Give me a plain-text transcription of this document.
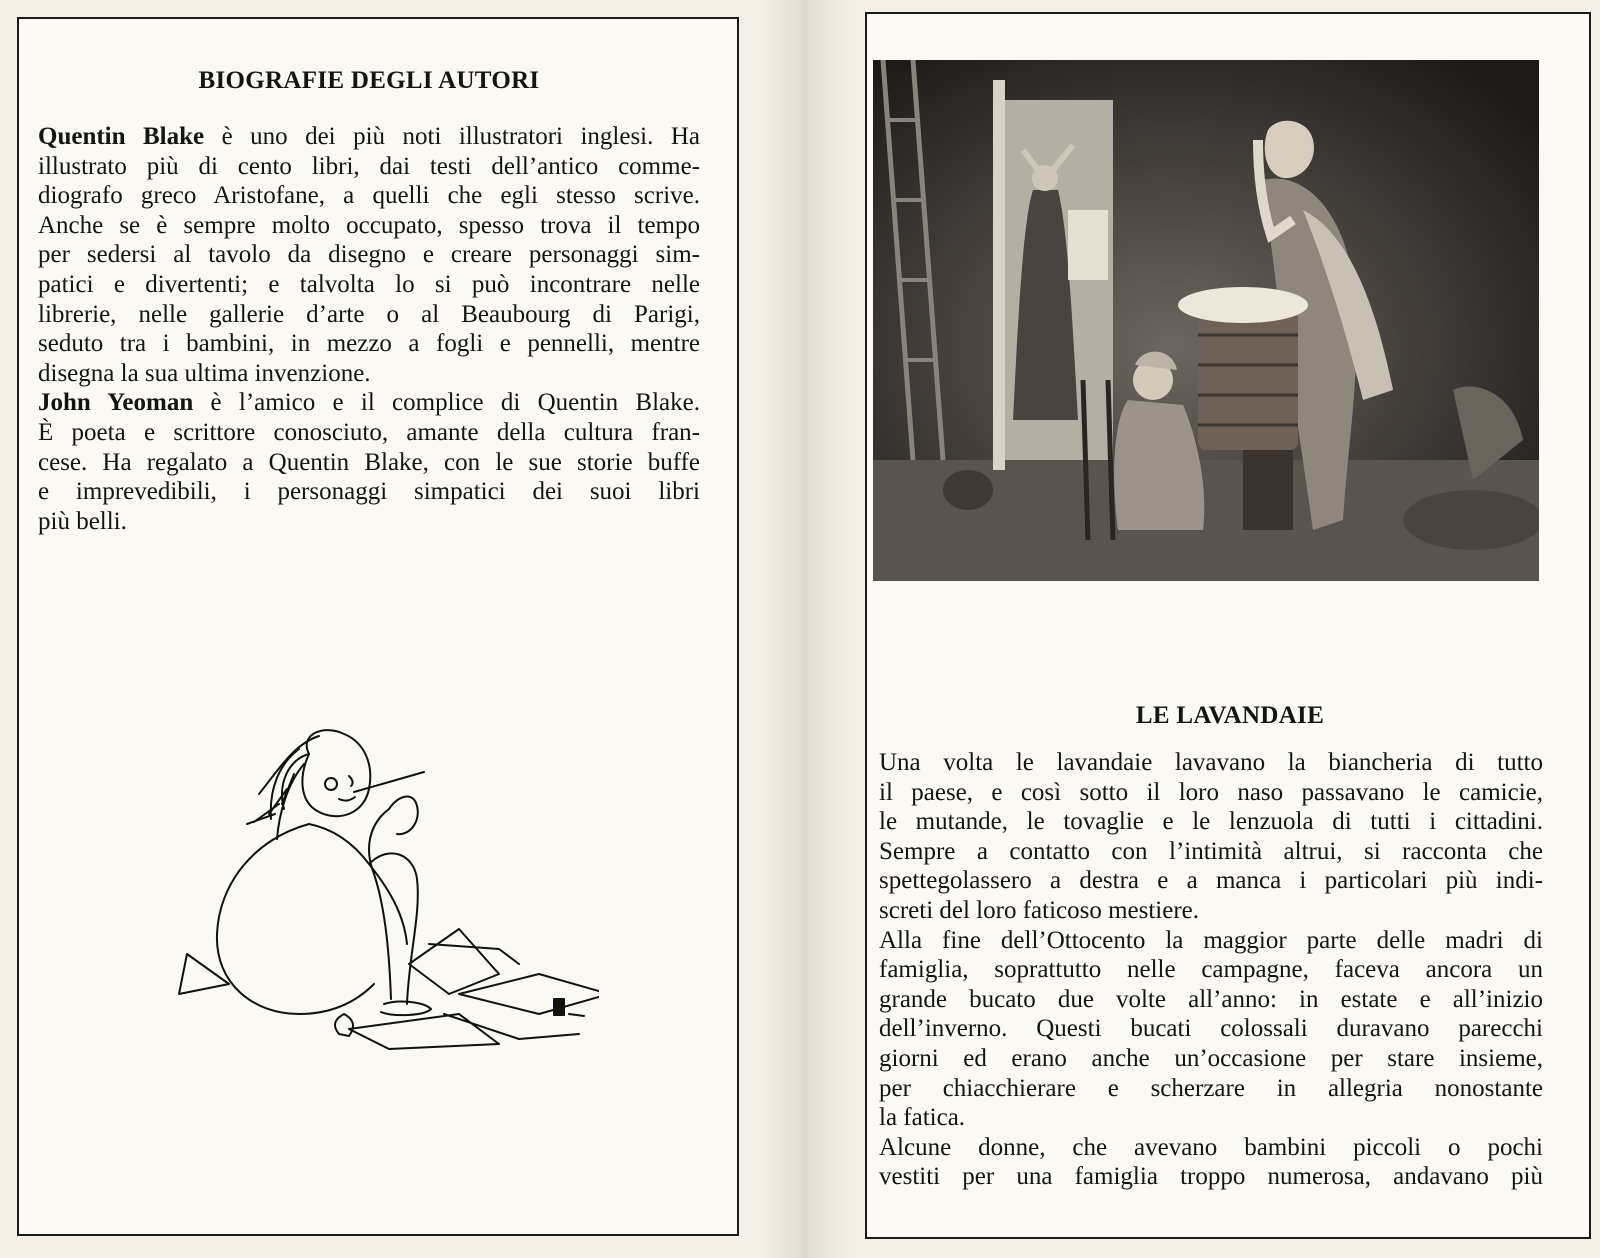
BIOGRAFIE DEGLI AUTORI
Quentin Blake è uno dei più noti illustratori inglesi. Ha
illustrato più di cento libri, dai testi dell’antico comme-
diografo greco Aristofane, a quelli che egli stesso scrive.
Anche se è sempre molto occupato, spesso trova il tempo
per sedersi al tavolo da disegno e creare personaggi sim-
patici e divertenti; e talvolta lo si può incontrare nelle
librerie, nelle gallerie d’arte o al Beaubourg di Parigi,
seduto tra i bambini, in mezzo a fogli e pennelli, mentre
disegna la sua ultima invenzione.
John Yeoman è l’amico e il complice di Quentin Blake.
È poeta e scrittore conosciuto, amante della cultura fran-
cese. Ha regalato a Quentin Blake, con le sue storie buffe
e imprevedibili, i personaggi simpatici dei suoi libri
più belli.
LE LAVANDAIE
Una volta le lavandaie lavavano la biancheria di tutto
il paese, e così sotto il loro naso passavano le camicie,
le mutande, le tovaglie e le lenzuola di tutti i cittadini.
Sempre a contatto con l’intimità altrui, si racconta che
spettegolassero a destra e a manca i particolari più indi-
screti del loro faticoso mestiere.
Alla fine dell’Ottocento la maggior parte delle madri di
famiglia, soprattutto nelle campagne, faceva ancora un
grande bucato due volte all’anno: in estate e all’inizio
dell’inverno. Questi bucati colossali duravano parecchi
giorni ed erano anche un’occasione per stare insieme,
per chiacchierare e scherzare in allegria nonostante
la fatica.
Alcune donne, che avevano bambini piccoli o pochi
vestiti per una famiglia troppo numerosa, andavano più
